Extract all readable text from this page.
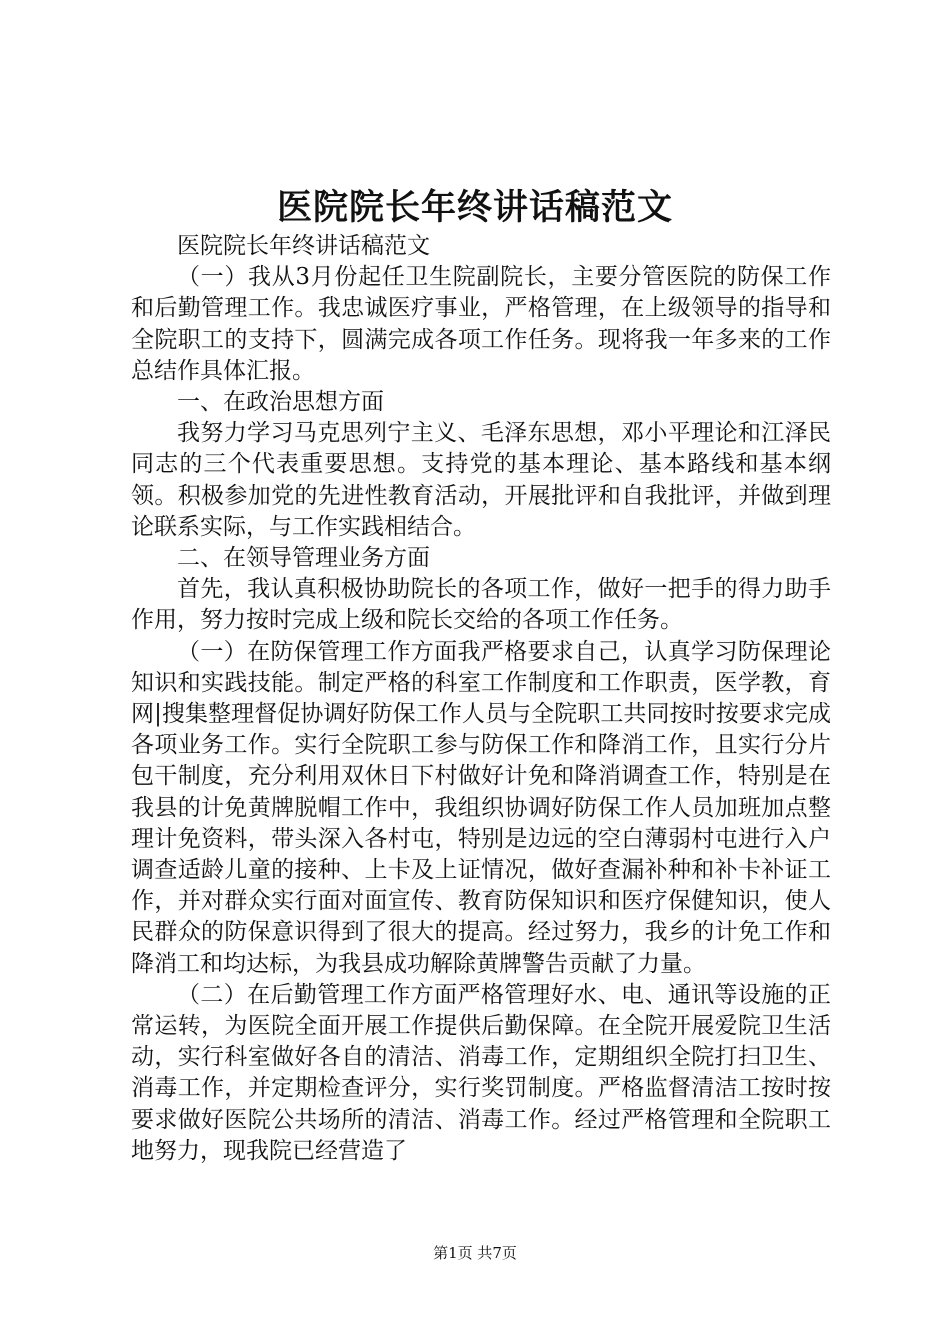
医院院长年终讲话稿范文

医院院长年终讲话稿范文

（一）我从3月份起任卫生院副院长，主要分管医院的防保工作和后勤管理工作。我忠诚医疗事业，严格管理，在上级领导的指导和全院职工的支持下，圆满完成各项工作任务。现将我一年多来的工作总结作具体汇报。

一、在政治思想方面

我努力学习马克思列宁主义、毛泽东思想，邓小平理论和江泽民同志的三个代表重要思想。支持党的基本理论、基本路线和基本纲领。积极参加党的先进性教育活动，开展批评和自我批评，并做到理论联系实际，与工作实践相结合。

二、在领导管理业务方面

首先，我认真积极协助院长的各项工作，做好一把手的得力助手作用，努力按时完成上级和院长交给的各项工作任务。

（一）在防保管理工作方面我严格要求自己，认真学习防保理论知识和实践技能。制定严格的科室工作制度和工作职责，医学教，育网|搜集整理督促协调好防保工作人员与全院职工共同按时按要求完成各项业务工作。实行全院职工参与防保工作和降消工作，且实行分片包干制度，充分利用双休日下村做好计免和降消调查工作，特别是在我县的计免黄牌脱帽工作中，我组织协调好防保工作人员加班加点整理计免资料，带头深入各村屯，特别是边远的空白薄弱村屯进行入户调查适龄儿童的接种、上卡及上证情况，做好查漏补种和补卡补证工作，并对群众实行面对面宣传、教育防保知识和医疗保健知识，使人民群众的防保意识得到了很大的提高。经过努力，我乡的计免工作和降消工和均达标，为我县成功解除黄牌警告贡献了力量。

（二）在后勤管理工作方面严格管理好水、电、通讯等设施的正常运转，为医院全面开展工作提供后勤保障。在全院开展爱院卫生活动，实行科室做好各自的清洁、消毒工作，定期组织全院打扫卫生、消毒工作，并定期检查评分，实行奖罚制度。严格监督清洁工按时按要求做好医院公共场所的清洁、消毒工作。经过严格管理和全院职工地努力，现我院已经营造了

第1页 共7页
